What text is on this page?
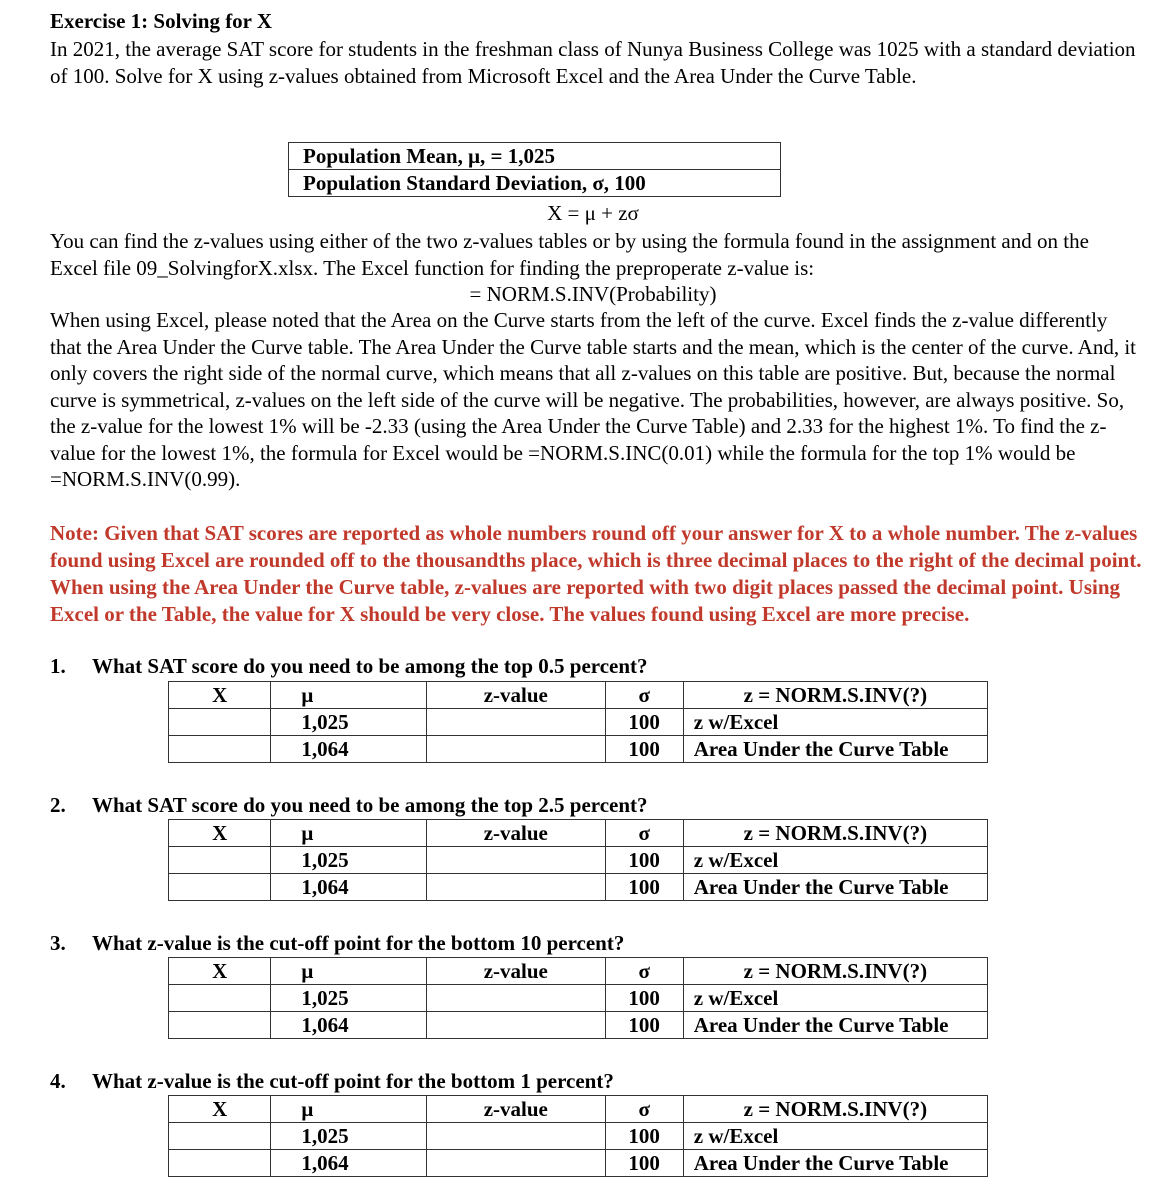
Exercise 1: Solving for X

In 2021, the average SAT score for students in the freshman class of Nunya Business College was 1025 with a standard deviation of 100. Solve for X using z-values obtained from Microsoft Excel and the Area Under the Curve Table.

Population Mean, μ, = 1,025
Population Standard Deviation, σ, 100
X = μ + zσ

You can find the z-values using either of the two z-values tables or by using the formula found in the assignment and on the Excel file 09_SolvingforX.xlsx. The Excel function for finding the preproperate z-value is:

= NORM.S.INV(Probability)

When using Excel, please noted that the Area on the Curve starts from the left of the curve. Excel finds the z-value differently that the Area Under the Curve table. The Area Under the Curve table starts and the mean, which is the center of the curve. And, it only covers the right side of the normal curve, which means that all z-values on this table are positive. But, because the normal curve is symmetrical, z-values on the left side of the curve will be negative. The probabilities, however, are always positive. So, the z-value for the lowest 1% will be -2.33 (using the Area Under the Curve Table) and 2.33 for the highest 1%. To find the z-value for the lowest 1%, the formula for Excel would be =NORM.S.INC(0.01) while the formula for the top 1% would be =NORM.S.INV(0.99).

Note: Given that SAT scores are reported as whole numbers round off your answer for X to a whole number. The z-values found using Excel are rounded off to the thousandths place, which is three decimal places to the right of the decimal point. When using the Area Under the Curve table, z-values are reported with two digit places passed the decimal point. Using Excel or the Table, the value for X should be very close. The values found using Excel are more precise.

1. What SAT score do you need to be among the top 0.5 percent?
X	μ	z-value	σ	z = NORM.S.INV(?)
	1,025		100	z w/Excel
	1,064		100	Area Under the Curve Table
2. What SAT score do you need to be among the top 2.5 percent?
X	μ	z-value	σ	z = NORM.S.INV(?)
	1,025		100	z w/Excel
	1,064		100	Area Under the Curve Table
3. What z-value is the cut-off point for the bottom 10 percent?
X	μ	z-value	σ	z = NORM.S.INV(?)
	1,025		100	z w/Excel
	1,064		100	Area Under the Curve Table
4. What z-value is the cut-off point for the bottom 1 percent?
X	μ	z-value	σ	z = NORM.S.INV(?)
	1,025		100	z w/Excel
	1,064		100	Area Under the Curve Table
